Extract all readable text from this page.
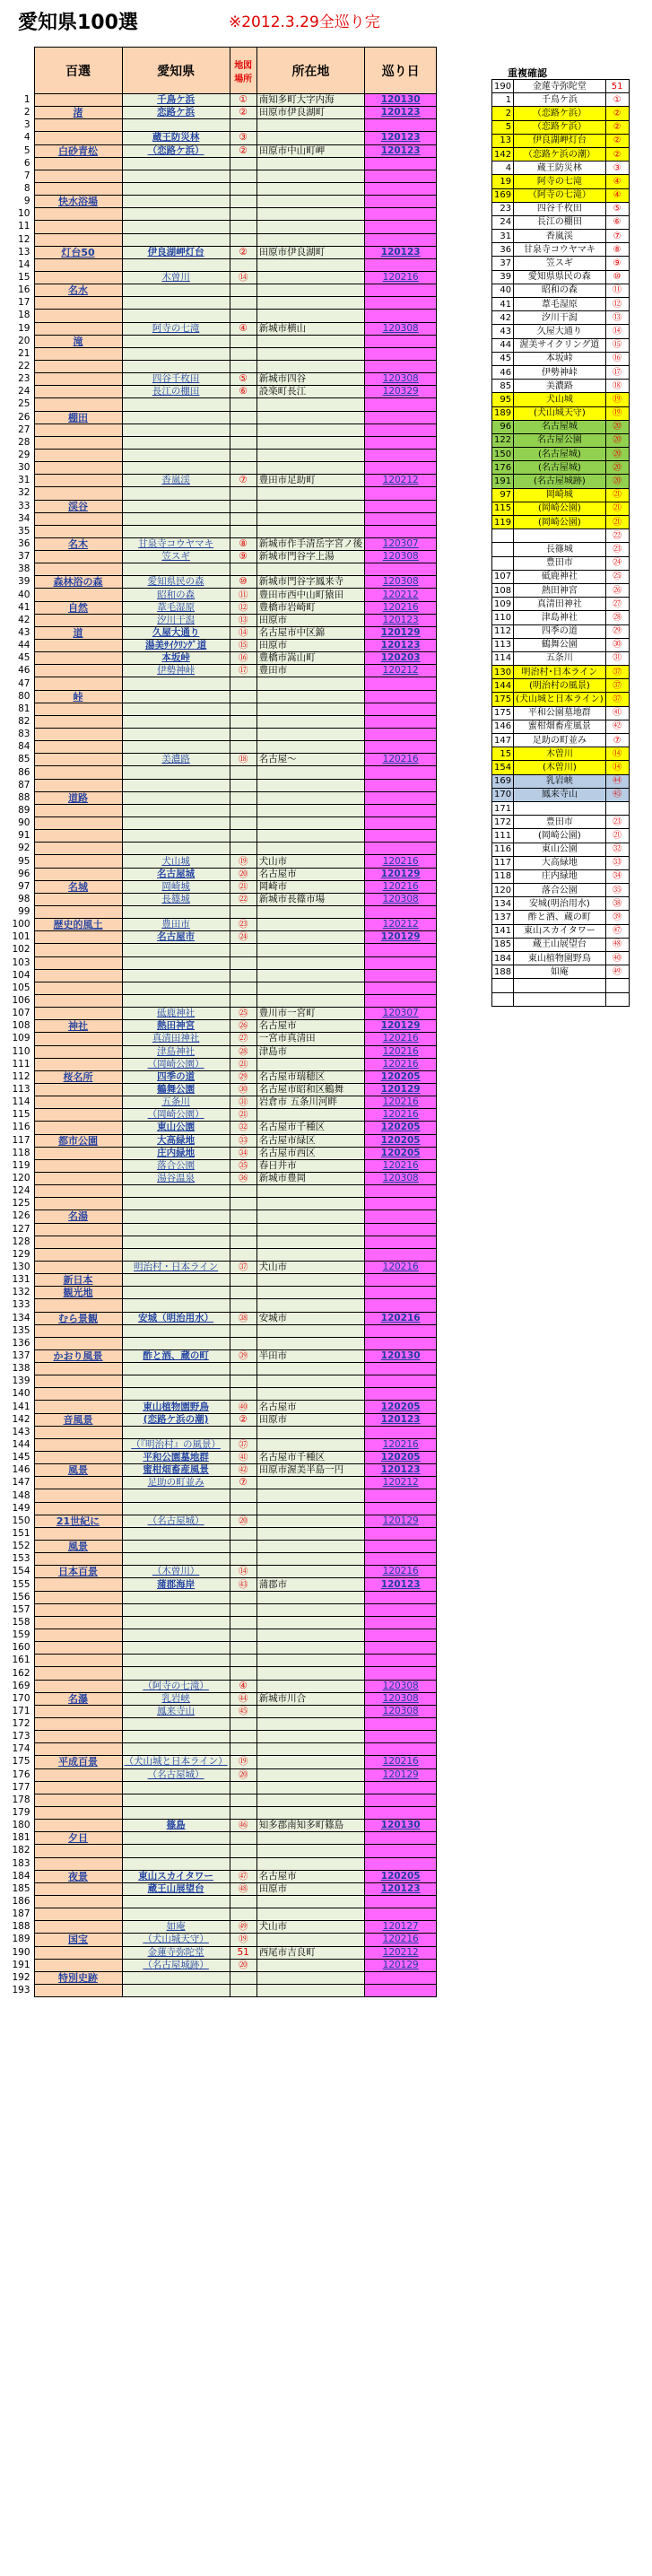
愛知県100選	※2012.3.29全巡り完
	百選	愛知県	地図場所	所在地	巡り日
1		千鳥ケ浜	①	南知多町大字内海	120130
2	渚	恋路ケ浜	②	田原市伊良湖町	120123
3					
4		蔵王防災林	③		120123
5	白砂青松	（恋路ケ浜）	②	田原市中山町岬	120123
6					
7					
8					
9	快水浴場				
10					
11					
12					
13	灯台50	伊良湖岬灯台	②	田原市伊良湖町	120123
14					
15		木曽川	⑭		120216
16	名水				
17					
18					
19		阿寺の七滝	④	新城市横山	120308
20	滝				
21					
22					
23		四谷千枚田	⑤	新城市四谷	120308
24		長江の棚田	⑥	設楽町長江	120329
25					
26	棚田				
27					
28					
29					
30					
31		香嵐渓	⑦	豊田市足助町	120212
32					
33	渓谷				
34					
35					
36	名木	甘泉寺コウヤマキ	⑧	新城市作手清岳字宮ノ後	120307
37		笠スギ	⑨	新城市門谷字上湯	120308
38					
39	森林浴の森	愛知県民の森	⑩	新城市門谷字鳳来寺	120308
40		昭和の森	⑪	豊田市西中山町猿田	120212
41	自然	葦毛湿原	⑫	豊橋市岩崎町	120216
42		汐川干潟	⑬	田原市	120123
43	道	久屋大通り	⑭	名古屋市中区錦	120129
44		湯美ｻｲｸﾘﾝｸﾞ道	⑮	田原市	120123
45		本坂峠	⑯	豊橋市嵩山町	120203
46		伊勢神峠	⑰	豊田市	120212
47					
80	峠				
81					
82					
83					
84					
85		美濃路	⑱	名古屋～	120216
86					
87					
88	道路				
89					
90					
91					
92					
95		犬山城	⑲	犬山市	120216
96		名古屋城	⑳	名古屋市	120129
97	名城	岡崎城	㉑	岡崎市	120216
98		長篠城	㉒	新城市長篠市場	120308
99					
100	歴史的風土	豊田市	㉓		120212
101		名古屋市	㉔		120129
102					
103					
104					
105					
106					
107		砥鹿神社	㉕	豊川市一宮町	120307
108	神社	熱田神宮	㉖	名古屋市	120129
109		真清田神社	㉗	一宮市真清田	120216
110		津島神社	㉘	津島市	120216
111		（岡崎公園）	㉑		120216
112	桜名所	四季の道	㉙	名古屋市瑞穂区	120205
113		鶴舞公園	㉚	名古屋市昭和区鶴舞	120129
114		五条川	㉛	岩倉市 五条川河畔	120216
115		（岡崎公園）	㉑		120216
116		東山公園	㉜	名古屋市千種区	120205
117	都市公園	大高緑地	㉝	名古屋市緑区	120205
118		庄内緑地	㉞	名古屋市西区	120205
119		落合公園	㉟	春日井市	120216
120		湯谷温泉	㊱	新城市豊岡	120308
124					
125					
126	名湯				
127					
128					
129					
130		明治村・日本ライン	㊲	犬山市	120216
131	新日本				
132	観光地				
133					
134	むら景観	安城（明治用水）	㊳	安城市	120216
135					
136					
137	かおり風景	酢と酒、蔵の町	㊴	半田市	120130
138					
139					
140					
141		東山植物園野鳥	㊵	名古屋市	120205
142	音風景	(恋路ケ浜の潮)	②	田原市	120123
143					
144		（『明治村』の風景）	㊲		120216
145		平和公園墓地群	㊶	名古屋市千種区	120205
146	風景	蜜柑畑畜産風景	㊷	田原市渥美半島一円	120123
147		足助の町並み	⑦		120212
148					
149					
150	21世紀に	（名古屋城）	⑳		120129
151					
152	風景				
153					
154	日本百景	（木曽川）	⑭		120216
155		蒲郡海岸	㊸	蒲郡市	120123
156					
157					
158					
159					
160					
161					
162					
169		（阿寺の七滝）	④		120308
170	名瀑	乳岩峡	㊹	新城市川合	120308
171		鳳来寺山	㊺		120308
172					
173					
174					
175	平成百景	（犬山城と日本ライン）	⑲		120216
176		（名古屋城）	⑳		120129
177					
178					
179					
180		篠島	㊻	知多郡南知多町篠島	120130
181	夕日				
182					
183					
184	夜景	東山スカイタワー	㊼	名古屋市	120205
185		蔵王山展望台	㊽	田原市	120123
186					
187					
188		如庵	㊾	犬山市	120127
189	国宝	（犬山城天守）	⑲		120216
190		金蓮寺弥陀堂	51	西尾市吉良町	120212
191		（名古屋城跡）	⑳		120129
192	特別史跡				
193					
重複確認
190	金蓮寺弥陀堂	51
1	千鳥ケ浜	①
2	（恋路ケ浜）	②
5	（恋路ケ浜）	②
13	伊良湖岬灯台	②
142	（恋路ケ浜の潮）	②
4	蔵王防災林	③
19	阿寺の七滝	④
169	（阿寺の七滝）	④
23	四谷千枚田	⑤
24	長江の棚田	⑥
31	香嵐渓	⑦
36	甘泉寺コウヤマキ	⑧
37	笠スギ	⑨
39	愛知県県民の森	⑩
40	昭和の森	⑪
41	葦毛湿原	⑫
42	汐川干潟	⑬
43	久屋大通り	⑭
44	渥美サイクリング道	⑮
45	本坂峠	⑯
46	伊勢神峠	⑰
85	美濃路	⑱
95	犬山城	⑲
189	(犬山城天守)	⑲
96	名古屋城	⑳
122	名古屋公園	⑳
150	(名古屋城)	⑳
176	(名古屋城)	⑳
191	(名古屋城跡)	⑳
97	岡崎城	㉑
115	(岡崎公園)	㉑
119	(岡崎公園)	㉑
		㉒
	長篠城	㉓
	豊田市	㉔
107	砥鹿神社	㉕
108	熱田神宮	㉖
109	真清田神社	㉗
110	津島神社	㉘
112	四季の道	㉙
113	鶴舞公園	㉚
114	五条川	㉛
130	明治村･日本ライン	㊲
144	(明治村の風景)	㊲
175	(犬山城と日本ライン)	㊲
175	平和公園墓地群	㊶
146	蜜柑畑畜産風景	㊷
147	足助の町並み	⑦
15	木曽川	⑭
154	(木曽川)	⑭
169	乳岩峡	㊹
170	鳳来寺山	㊺
171		
172	豊田市	㉓
111	(岡崎公園)	㉑
116	東山公園	㉜
117	大高緑地	㉝
118	庄内緑地	㉞
120	落合公園	㉟
134	安城(明治用水)	㊳
137	酢と酒、蔵の町	㊴
141	東山スカイタワー	㊼
185	蔵王山展望台	㊽
184	東山植物園野鳥	㊵
188	如庵	㊾
